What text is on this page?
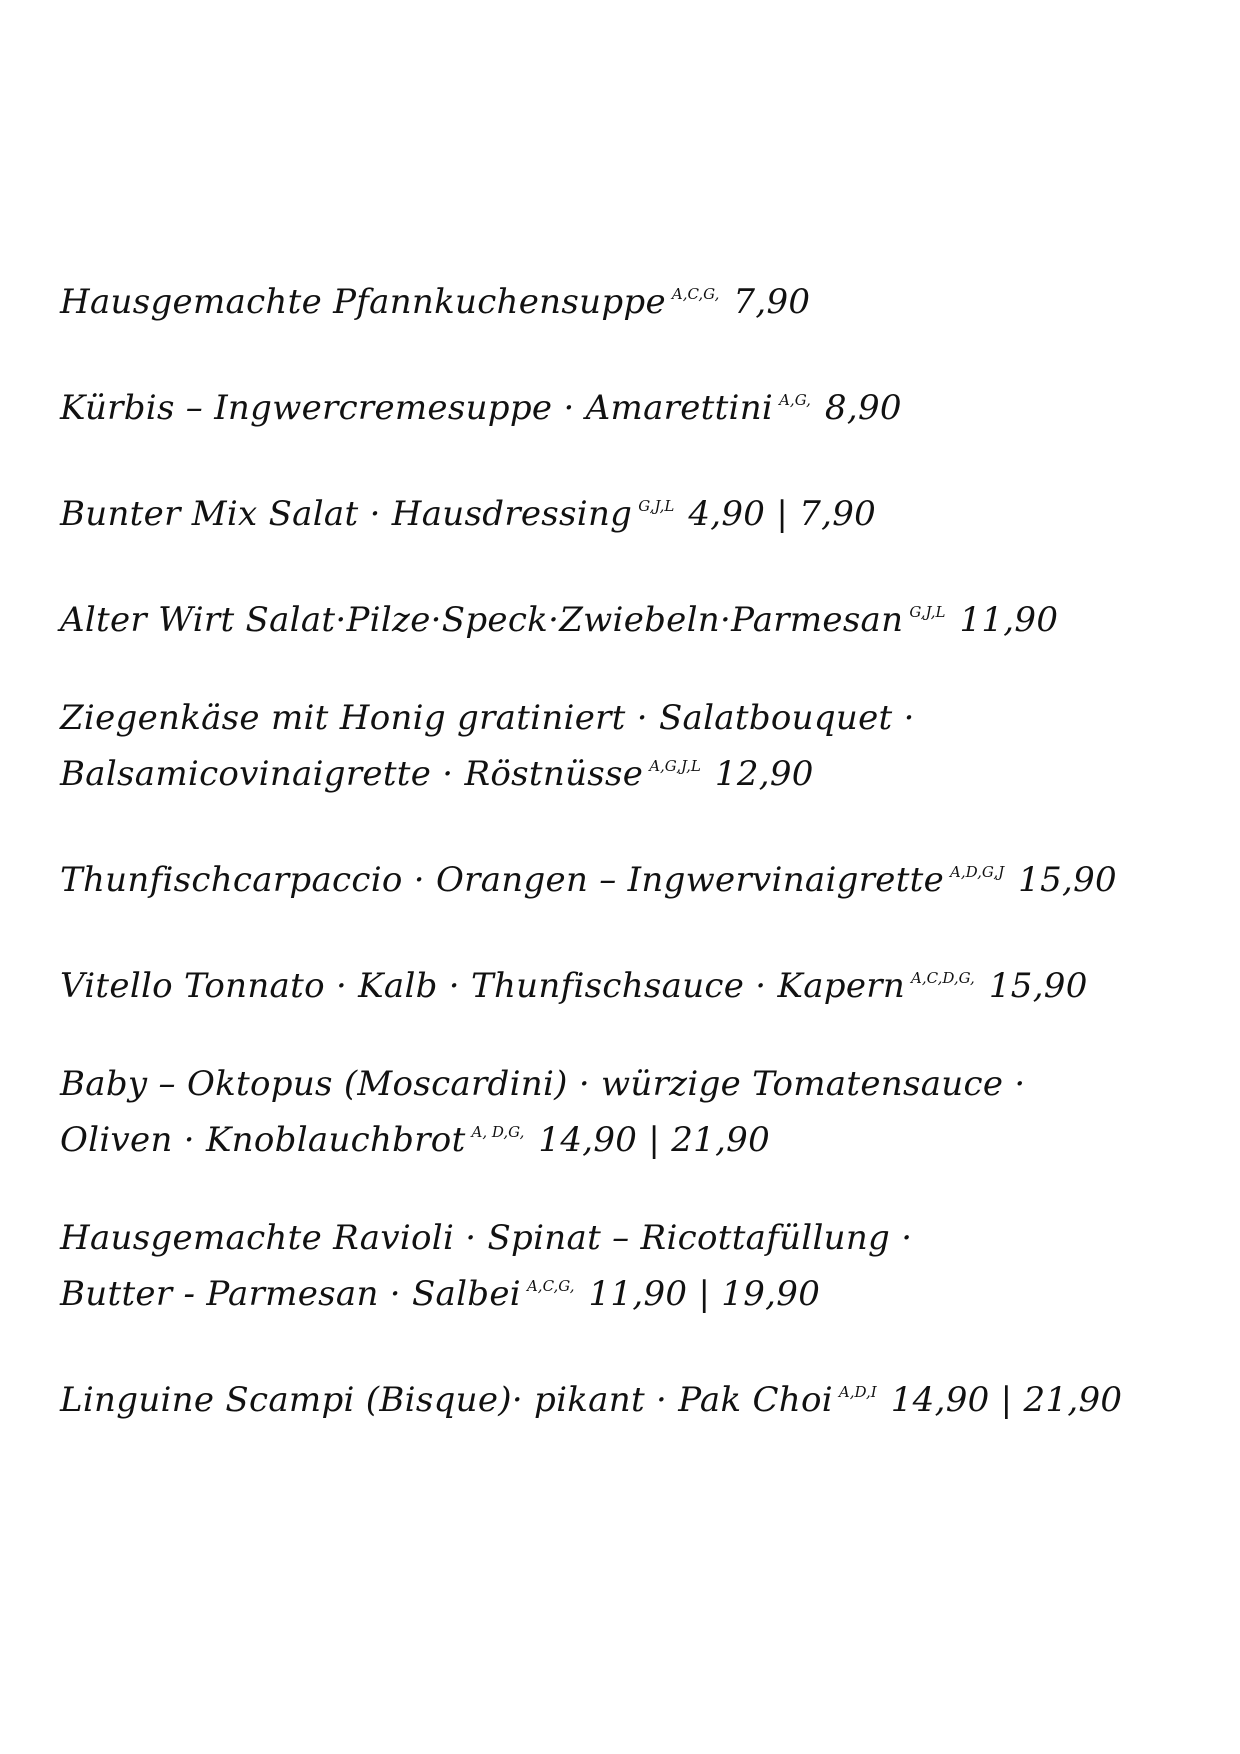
Hausgemachte Pfannkuchensuppe $^{A,C,G,}$ 7,90
Kürbis – Ingwercremesuppe · Amarettini $^{A,G,}$ 8,90
Bunter Mix Salat · Hausdressing $^{G,J,L}$ 4,90 | 7,90
Alter Wirt Salat·Pilze·Speck·Zwiebeln·Parmesan $^{G,J,L}$ 11,90
Ziegenkäse mit Honig gratiniert · Salatbouquet ·
Balsamicovinaigrette · Röstnüsse $^{A,G,J,L}$ 12,90
Thunfischcarpaccio · Orangen – Ingwervinaigrette $^{A,D,G,J}$ 15,90
Vitello Tonnato · Kalb · Thunfischsauce · Kapern $^{A,C,D,G,}$ 15,90
Baby – Oktopus (Moscardini) · würzige Tomatensauce ·
Oliven · Knoblauchbrot $^{A, D,G,}$ 14,90 | 21,90
Hausgemachte Ravioli · Spinat – Ricottafüllung ·
Butter - Parmesan · Salbei $^{A,C,G,}$ 11,90 | 19,90
Linguine Scampi (Bisque)· pikant · Pak Choi $^{A,D,I}$ 14,90 | 21,90
